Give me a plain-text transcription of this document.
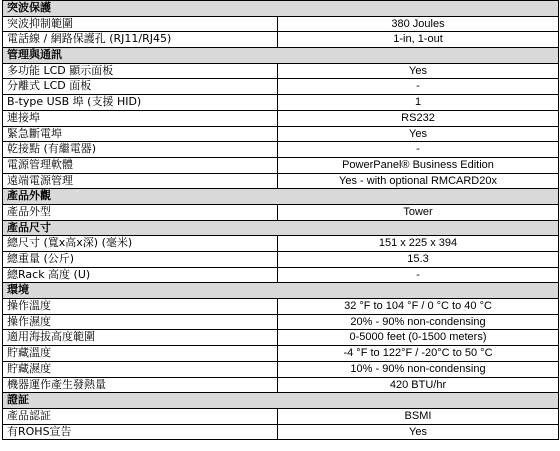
突波保護
突波抑制範圍	380 Joules
電話線 / 網路保護孔 (RJ11/RJ45)	1-in, 1-out
管理與通訊
多功能 LCD 顯示面板	Yes
分離式 LCD 面板	-
B-type USB 埠 (支援 HID)	1
連接埠	RS232
緊急斷電埠	Yes
乾接點 (有繼電器)	-
電源管理軟體	PowerPanel® Business Edition
遠端電源管理	Yes - with optional RMCARD20x
產品外觀
產品外型	Tower
產品尺寸
總尺寸 (寬x高x深) (毫米)	151 x 225 x 394
總重量 (公斤)	15.3
總Rack 高度 (U)	-
環境
操作溫度	32 °F to 104 °F / 0 °C to 40 °C
操作濕度	20% - 90% non-condensing
適用海拔高度範圍	0-5000 feet (0-1500 meters)
貯藏溫度	-4 °F to 122°F / -20°C to 50 °C
貯藏濕度	10% - 90% non-condensing
機器運作產生發熱量	420 BTU/hr
證証
產品認証	BSMI
有ROHS宣告	Yes
